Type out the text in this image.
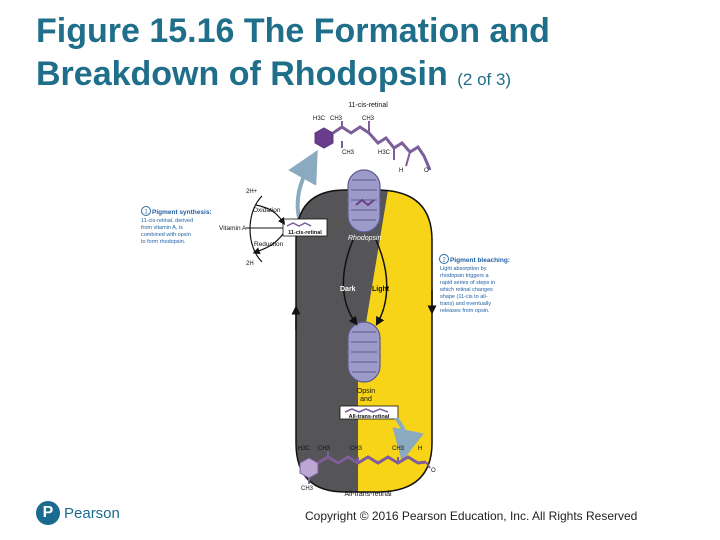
Figure 15.16 The Formation and
Breakdown of Rhodopsin (2 of 3)
11-cis-retinal
H3C CH3	CH3
CH3	H3C
H	O
Rhodopsin
Opsin
and
Dark Light
All-trans-retinal
11-cis-retinal
2H+
2H
Oxidation
Reduction
Vitamin A
1 Pigment synthesis:
11-cis-retinal, derived
from vitamin A, is
combined with opsin
to form rhodopsin.
2 Pigment bleaching:
Light absorption by
rhodopsin triggers a
rapid series of steps in
which retinal changes
shape (11-cis to all-
trans) and eventually
releases from opsin.
H3C CH3	CH3	CH3 H
O
CH3
All-trans-retinal
P Pearson	Copyright © 2016 Pearson Education, Inc. All Rights Reserved
